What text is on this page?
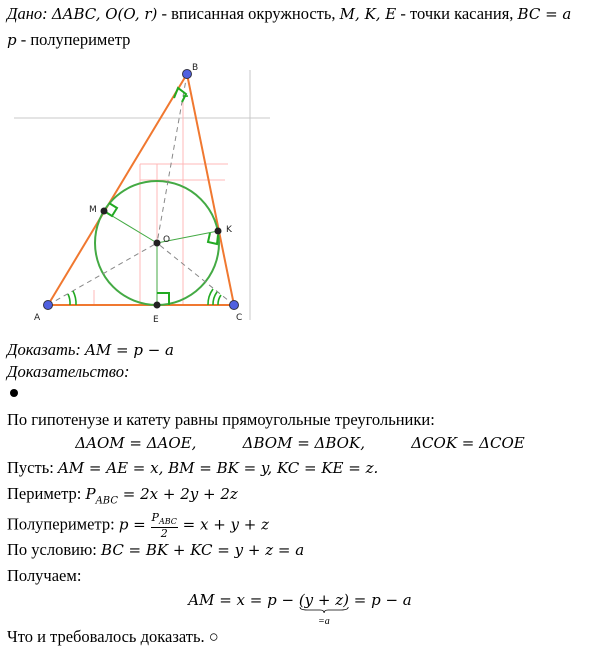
Дано: ΔABC, O(O, r) - вписанная окружность, M, K, E - точки касания, BC = a
p - полупериметр
A
B
C
M
K
E
O
Доказать: AM = p − a
Доказательство:
По гипотенузе и катету равны прямоугольные треугольники:
ΔAOM = ΔAOE,	ΔBOM = ΔBOK,	ΔCOK = ΔCOE
Пусть: AM = AE = x, BM = BK = y, KC = KE = z.
Периметр: $P_{ABC} = 2x + 2y + 2z$
Полупериметр: $p = \frac{P_{ABC}}{2} = x + y + z$
По условию: BC = BK + KC = y + z = a
Получаем:
AM = x = p − (y + z)
=a
= p − a
Что и требовалось доказать. ○
